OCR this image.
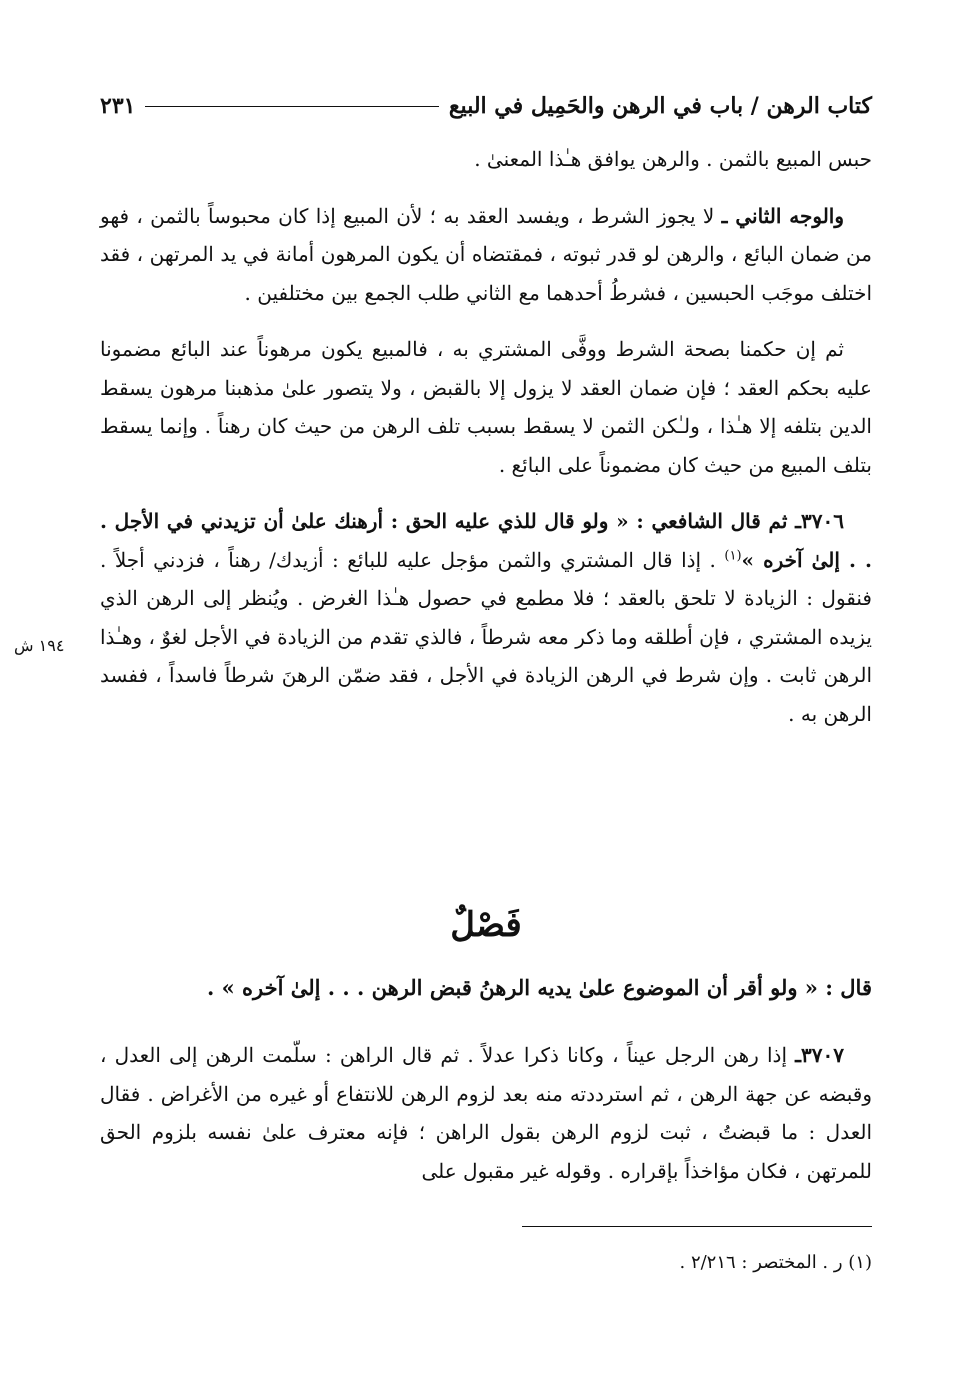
كتاب الرهن / باب في الرهن والحَمِيل في البيع
٢٣١

حبس المبيع بالثمن . والرهن يوافق هـٰذا المعنىٰ .

والوجه الثاني ـ لا يجوز الشرط ، ويفسد العقد به ؛ لأن المبيع إذا كان محبوساً بالثمن ، فهو من ضمان البائع ، والرهن لو قدر ثبوته ، فمقتضاه أن يكون المرهون أمانة في يد المرتهن ، فقد اختلف موجَب الحبسين ، فشرطُ أحدهما مع الثاني طلب الجمع بين مختلفين .

ثم إن حكمنا بصحة الشرط ووفَّى المشتري به ، فالمبيع يكون مرهوناً عند البائع مضمونا عليه بحكم العقد ؛ فإن ضمان العقد لا يزول إلا بالقبض ، ولا يتصور علىٰ مذهبنا مرهون يسقط الدين بتلفه إلا هـٰذا ، ولـٰكن الثمن لا يسقط بسبب تلف الرهن من حيث كان رهناً . وإنما يسقط بتلف المبيع من حيث كان مضموناً على البائع .

٣٧٠٦ـ ثم قال الشافعي : « ولو قال للذي عليه الحق : أرهنك علىٰ أن تزيدني في الأجل . . . إلىٰ آخره »$^{(١)}$ . إذا قال المشتري والثمن مؤجل عليه للبائع : أزيدك/ رهناً ، فزدني أجلاً . فنقول : الزيادة لا تلحق بالعقد ؛ فلا مطمع في حصول هـٰذا الغرض . ويُنظر إلى الرهن الذي يزيده المشتري ، فإن أطلقه وما ذكر معه شرطاً ، فالذي تقدم من الزيادة في الأجل لغوٌ ، وهـٰذا الرهن ثابت . وإن شرط في الرهن الزيادة في الأجل ، فقد ضمّن الرهنَ شرطاً فاسداً ، ففسد الرهن به .

١٩٤ ش
فَصْلٌ
قال : « ولو أقر أن الموضوع علىٰ يديه الرهنُ قبض الرهن . . . إلىٰ آخره » .

٣٧٠٧ـ إذا رهن الرجل عيناً ، وكانا ذكرا عدلاً . ثم قال الراهن : سلّمت الرهن إلى العدل ، وقبضه عن جهة الرهن ، ثم استرددته منه بعد لزوم الرهن للانتفاع أو غيره من الأغراض . فقال العدل : ما قبضتُ ، ثبت لزوم الرهن بقول الراهن ؛ فإنه معترف علىٰ نفسه بلزوم الحق للمرتهن ، فكان مؤاخذاً بإقراره . وقوله غير مقبول على

(١) ر . المختصر : ٢/٢١٦ .
